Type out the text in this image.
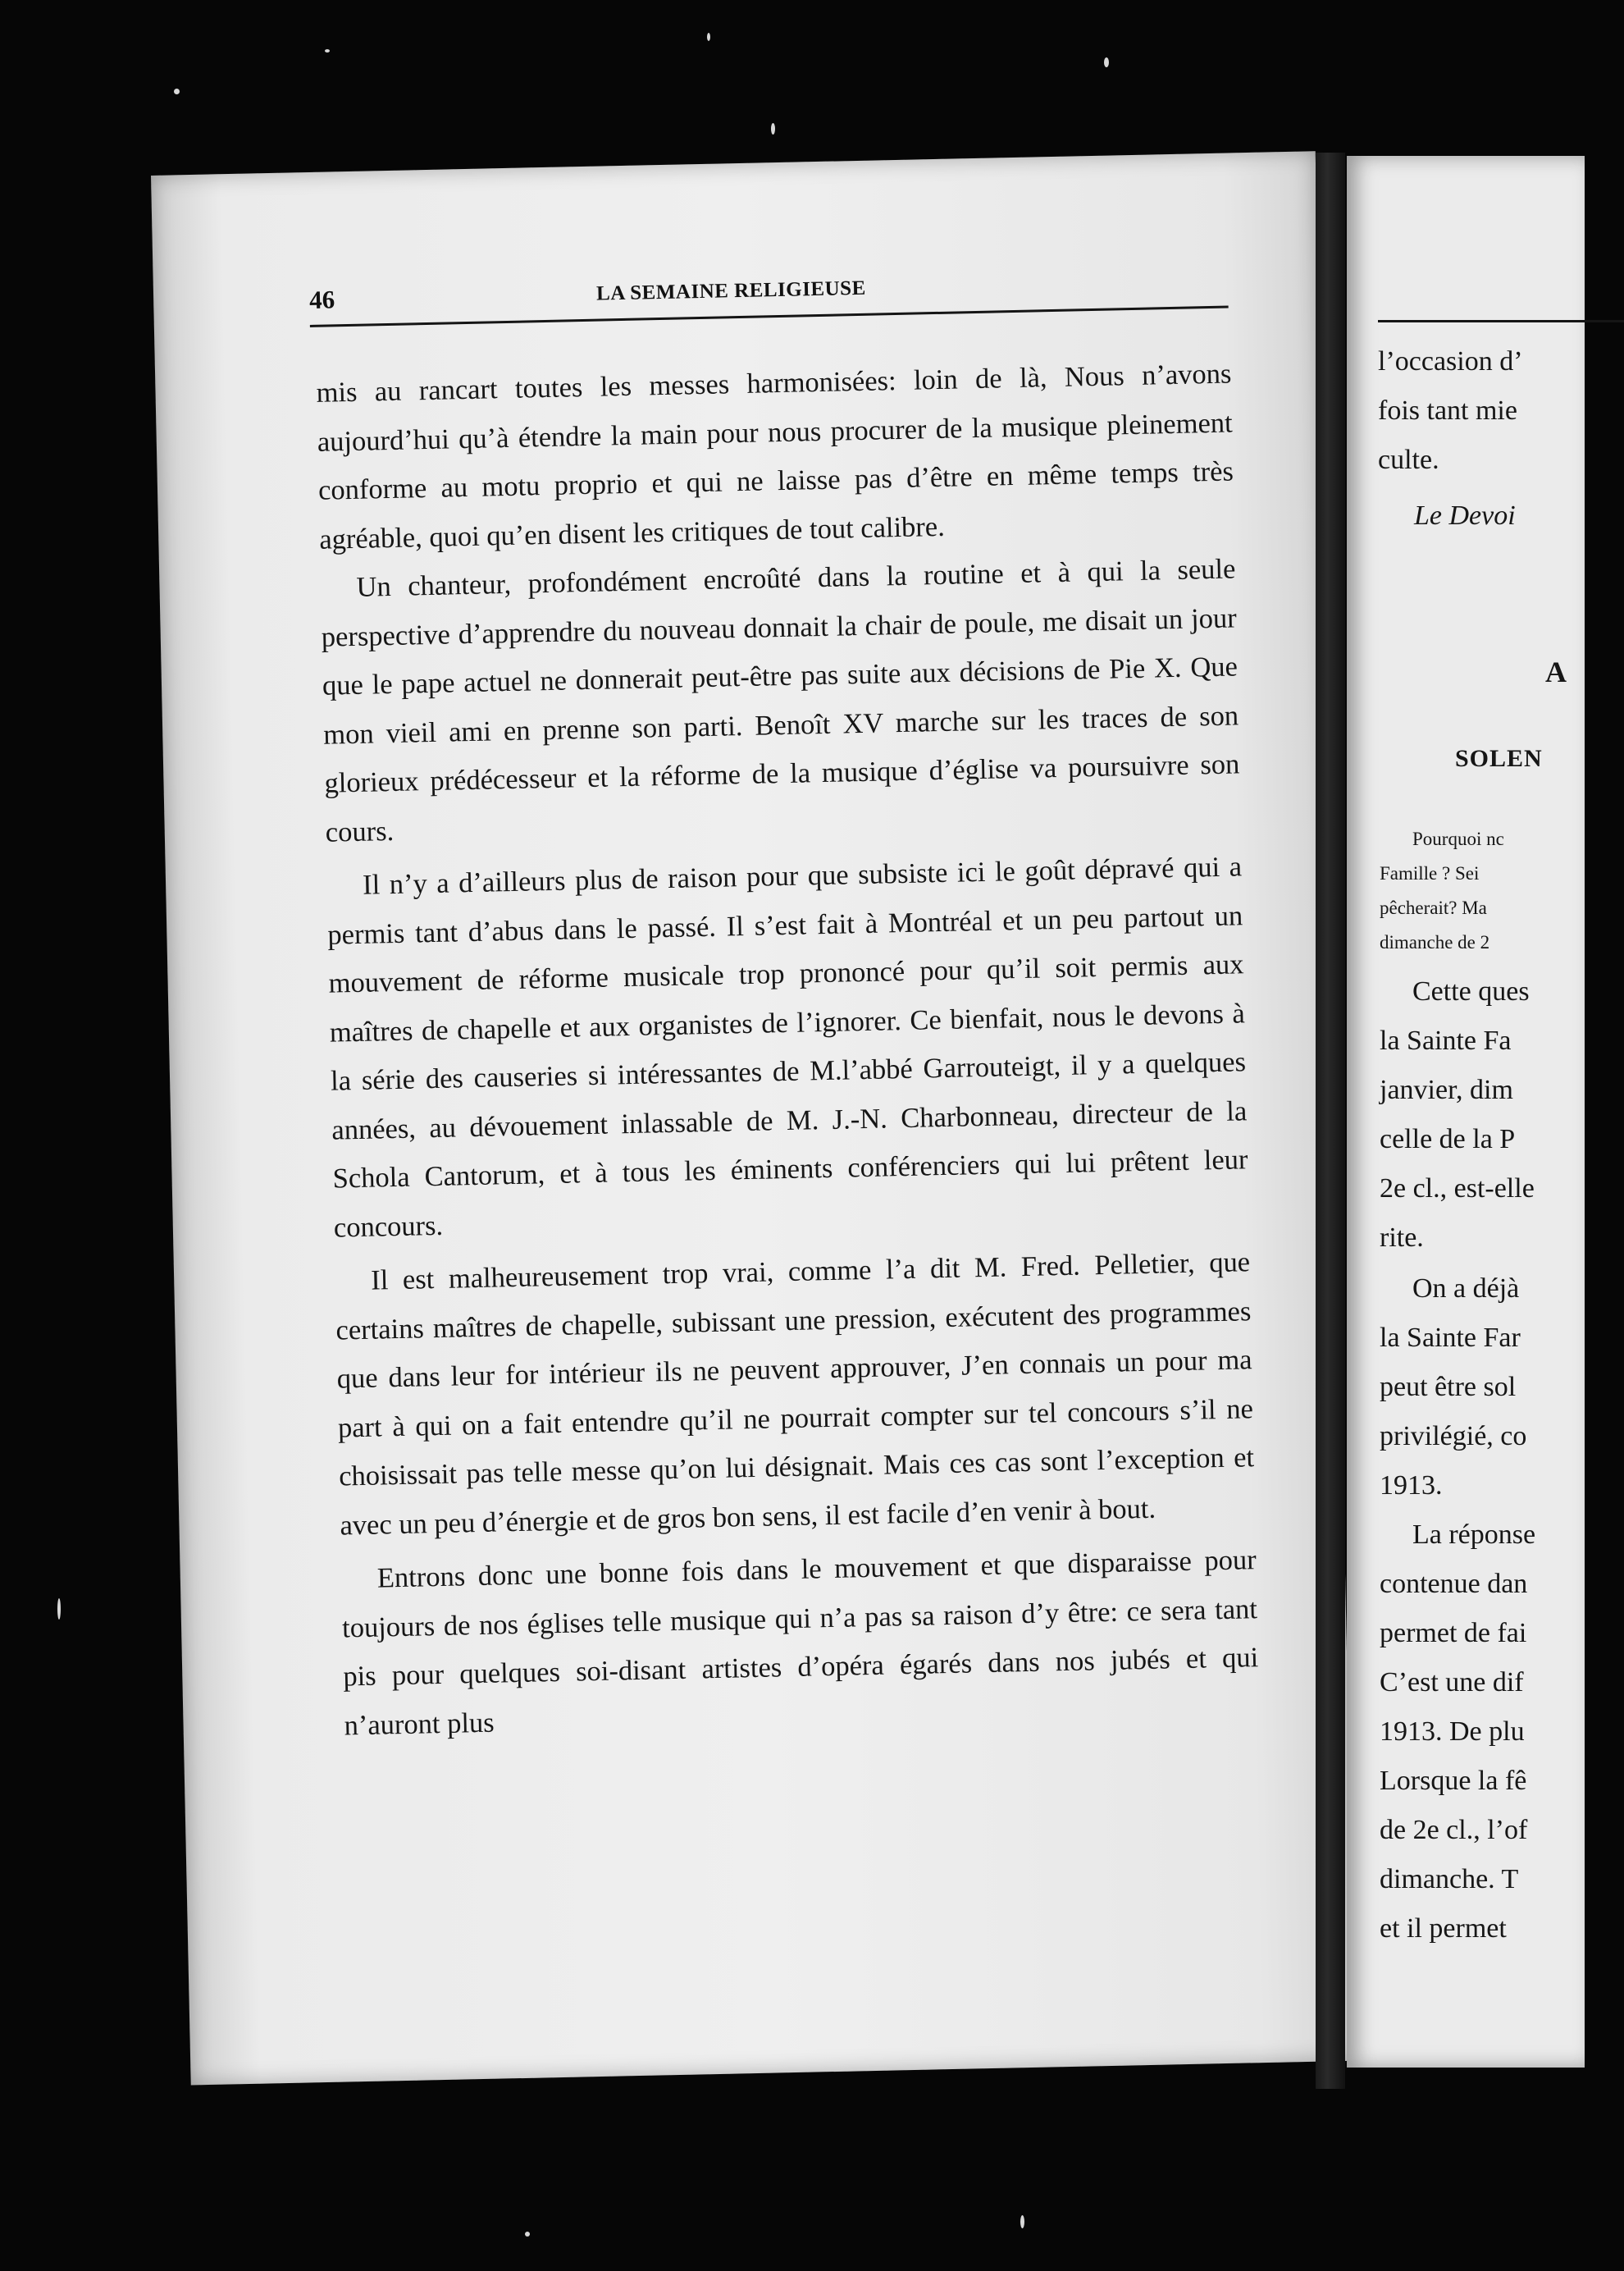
46	LA SEMAINE RELIGIEUSE

mis au rancart toutes les messes harmonisées: loin de là, Nous n’avons aujourd’hui qu’à étendre la main pour nous procurer de la musique pleinement conforme au motu proprio et qui ne laisse pas d’être en même temps très agréable, quoi qu’en disent les critiques de tout calibre.

Un chanteur, profondément encroûté dans la routine et à qui la seule perspective d’apprendre du nouveau donnait la chair de poule, me disait un jour que le pape actuel ne donnerait peut-être pas suite aux décisions de Pie X. Que mon vieil ami en prenne son parti. Benoît XV marche sur les traces de son glorieux prédécesseur et la réforme de la musique d’église va poursuivre son cours.

Il n’y a d’ailleurs plus de raison pour que subsiste ici le goût dépravé qui a permis tant d’abus dans le passé. Il s’est fait à Montréal et un peu partout un mouvement de réforme musicale trop prononcé pour qu’il soit permis aux maîtres de chapelle et aux organistes de l’ignorer. Ce bienfait, nous le devons à la série des causeries si intéressantes de M.l’abbé Garrouteigt, il y a quelques années, au dévouement inlassable de M. J.-N. Charbonneau, directeur de la Schola Cantorum, et à tous les éminents conférenciers qui lui prêtent leur concours.

Il est malheureusement trop vrai, comme l’a dit M. Fred. Pelletier, que certains maîtres de chapelle, subissant une pression, exécutent des programmes que dans leur for intérieur ils ne peuvent approuver, J’en connais un pour ma part à qui on a fait entendre qu’il ne pourrait compter sur tel concours s’il ne choisissait pas telle messe qu’on lui désignait. Mais ces cas sont l’exception et avec un peu d’énergie et de gros bon sens, il est facile d’en venir à bout.

Entrons donc une bonne fois dans le mouvement et que disparaisse pour toujours de nos églises telle musique qui n’a pas sa raison d’y être: ce sera tant pis pour quelques soi-disant artistes d’opéra égarés dans nos jubés et qui n’auront plus

l’occasion d’
fois tant mie
culte.
Le Devoi
A
SOLEN
Pourquoi nc
Famille ? Sei
pêcherait? Ma
dimanche de 2
Cette ques
la Sainte Fa
janvier, dim
celle de la P
2e cl., est-elle
rite.
On a déjà
la Sainte Far
peut être sol
privilégié, co
1913.
La réponse
contenue dan
permet de fai
C’est une dif
1913. De plu
Lorsque la fê
de 2e cl., l’of
dimanche. T
et il permet
